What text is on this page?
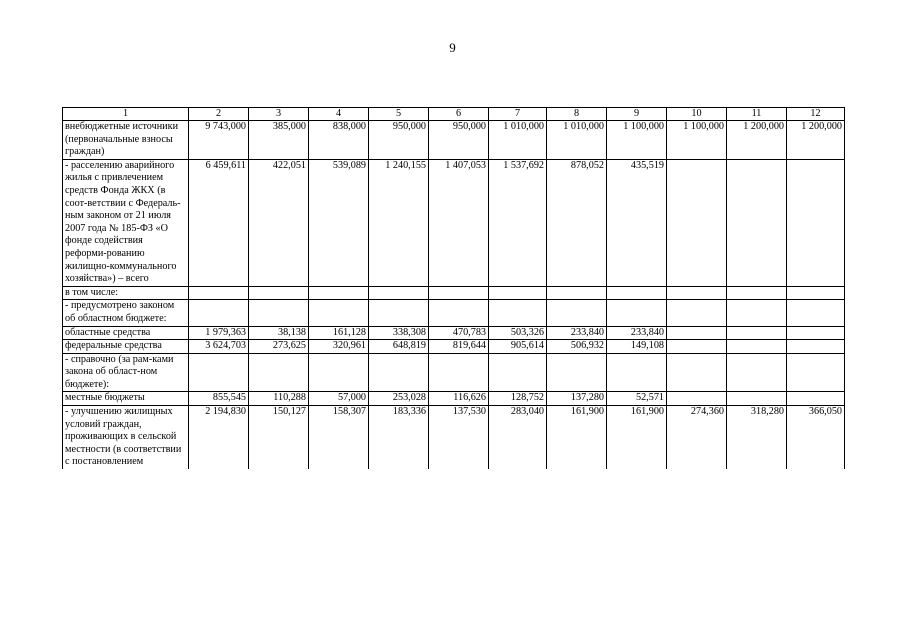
9
1	2	3	4	5	6	7	8	9	10	11	12
внебюджетные источники (первоначальные взносы граждан)	9 743,000	385,000	838,000	950,000	950,000	1 010,000	1 010,000	1 100,000	1 100,000	1 200,000	1 200,000
- расселению аварийного жилья с привлечением средств Фонда ЖКХ (в соот-ветствии с Федераль-ным законом от 21 июля 2007 года № 185-ФЗ «О фонде содействия реформи-рованию жилищно-коммунального хозяйства») – всего	6 459,611	422,051	539,089	1 240,155	1 407,053	1 537,692	878,052	435,519			
в том числе:											
- предусмотрено законом об областном бюджете:											
областные средства	1 979,363	38,138	161,128	338,308	470,783	503,326	233,840	233,840			
федеральные средства	3 624,703	273,625	320,961	648,819	819,644	905,614	506,932	149,108			
- справочно (за рам-ками закона об област-ном бюджете):											
местные бюджеты	855,545	110,288	57,000	253,028	116,626	128,752	137,280	52,571			
- улучшению жилищных условий граждан, проживающих в сельской местности (в соответствии с постановлением	2 194,830	150,127	158,307	183,336	137,530	283,040	161,900	161,900	274,360	318,280	366,050
